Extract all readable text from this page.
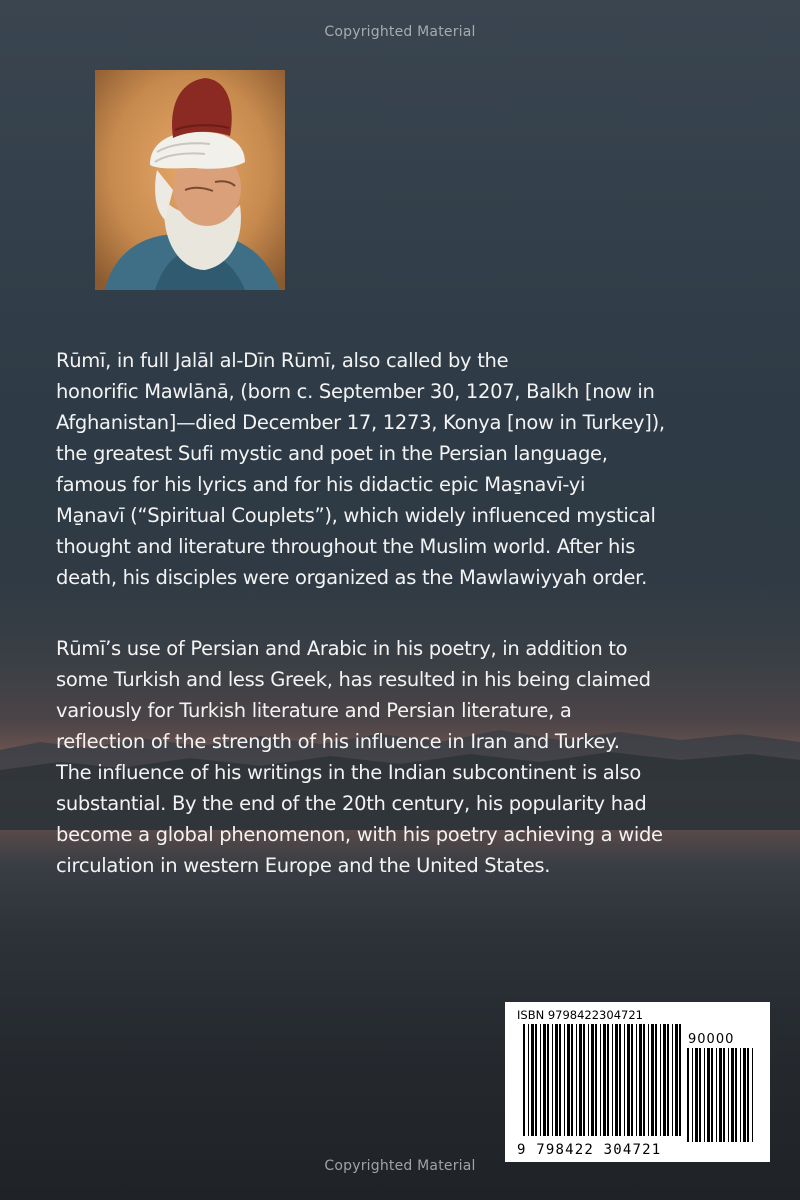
Copyrighted Material

Rūmī, in full Jalāl al-Dīn Rūmī, also called by the
honorific Mawlānā, (born c. September 30, 1207, Balkh [now in
Afghanistan]—died December 17, 1273, Konya [now in Turkey]),
the greatest Sufi mystic and poet in the Persian language,
famous for his lyrics and for his didactic epic Mas̱navī-yi
Ma̱navī (“Spiritual Couplets”), which widely influenced mystical
thought and literature throughout the Muslim world. After his
death, his disciples were organized as the Mawlawiyyah order.

Rūmī’s use of Persian and Arabic in his poetry, in addition to
some Turkish and less Greek, has resulted in his being claimed
variously for Turkish literature and Persian literature, a
reflection of the strength of his influence in Iran and Turkey.
The influence of his writings in the Indian subcontinent is also
substantial. By the end of the 20th century, his popularity had
become a global phenomenon, with his poetry achieving a wide
circulation in western Europe and the United States.

ISBN 9798422304721
90000
9 798422 304721
Copyrighted Material
